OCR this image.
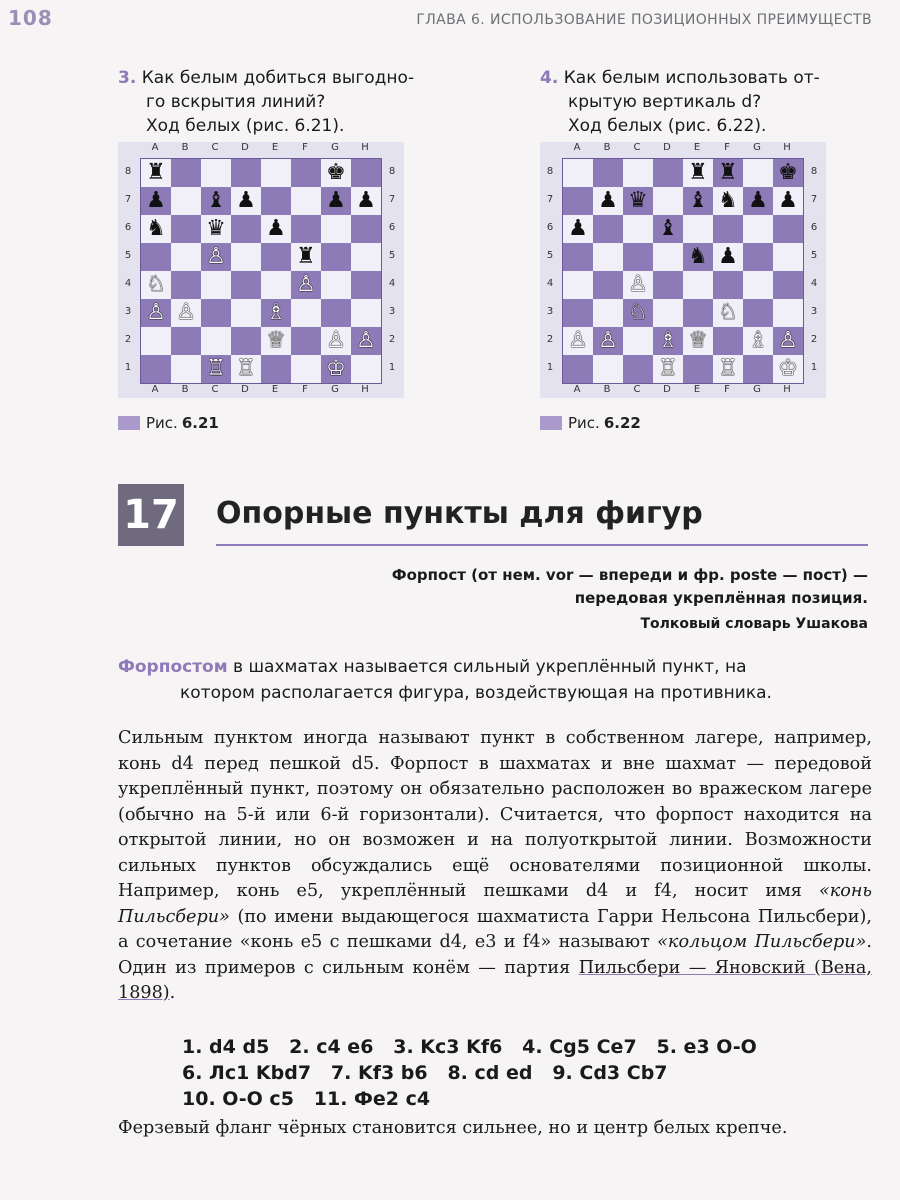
108	ГЛАВА 6. ИСПОЛЬЗОВАНИЕ ПОЗИЦИОННЫХ ПРЕИМУЩЕСТВ
3. Как белым добиться выгодно-
го вскрытия линий?
Ход белых (рис. 6.21).
4. Как белым использовать от-
крытую вертикаль d?
Ход белых (рис. 6.22).
A	B	C	D	E	F	G	H
A	B	C	D	E	F	G	H
8
7
6
5
4
3
2
1
8
7
6
5
4
3
2
1
♜	♚
♟ ♝ ♟	♟ ♟
♞ ♛ ♟
♙	♜
♘	♙
♙ ♙	♗
♕ ♙ ♙
♖ ♖	♔
A	B	C	D	E	F	G	H
A	B	C	D	E	F	G	H
8
7
6
5
4
3
2
1
8
7
6
5
4
3
2
1
♜ ♜ ♚
♟ ♛ ♝ ♞ ♟ ♟
♟	♝
♞ ♟
♙
♘	♘
♙ ♙ ♗ ♕ ♗ ♙
♖ ♖ ♔
Рис. 6.21	Рис. 6.22
17 Опорные пункты для фигур
Форпост (от нем. vor — впереди и фр. poste — пост) —
передовая укреплённая позиция.
Толковый словарь Ушакова
Форпостом в шахматах называется сильный укреплённый пункт, на
котором располагается фигура, воздействующая на противника.
Сильным пунктом иногда называют пункт в собственном лагере, например, конь d4 перед пешкой d5. Форпост в шахматах и вне шахмат — передовой укреплённый пункт, поэтому он обязательно расположен во вражеском лагере (обычно на 5-й или 6-й горизонтали). Считается, что форпост находится на открытой линии, но он возможен и на полуоткрытой линии. Возможности сильных пунктов обсуждались ещё основателями позиционной школы. Например, конь e5, укреплённый пешками d4 и f4, носит имя «конь Пильсбери» (по имени выдающегося шахматиста Гарри Нельсона Пильсбери), а сочетание «конь e5 с пешками d4, e3 и f4» называют «кольцом Пильсбери». Один из примеров с сильным конём — партия Пильсбери — Яновский (Вена, 1898).
1. d4 d5   2. c4 e6   3. Kc3 Kf6   4. Cg5 Ce7   5. e3 O-O
6. Лс1 Kbd7   7. Kf3 b6   8. cd ed   9. Cd3 Cb7
10. O-O c5   11. Фe2 c4
Ферзевый фланг чёрных становится сильнее, но и центр белых крепче.
